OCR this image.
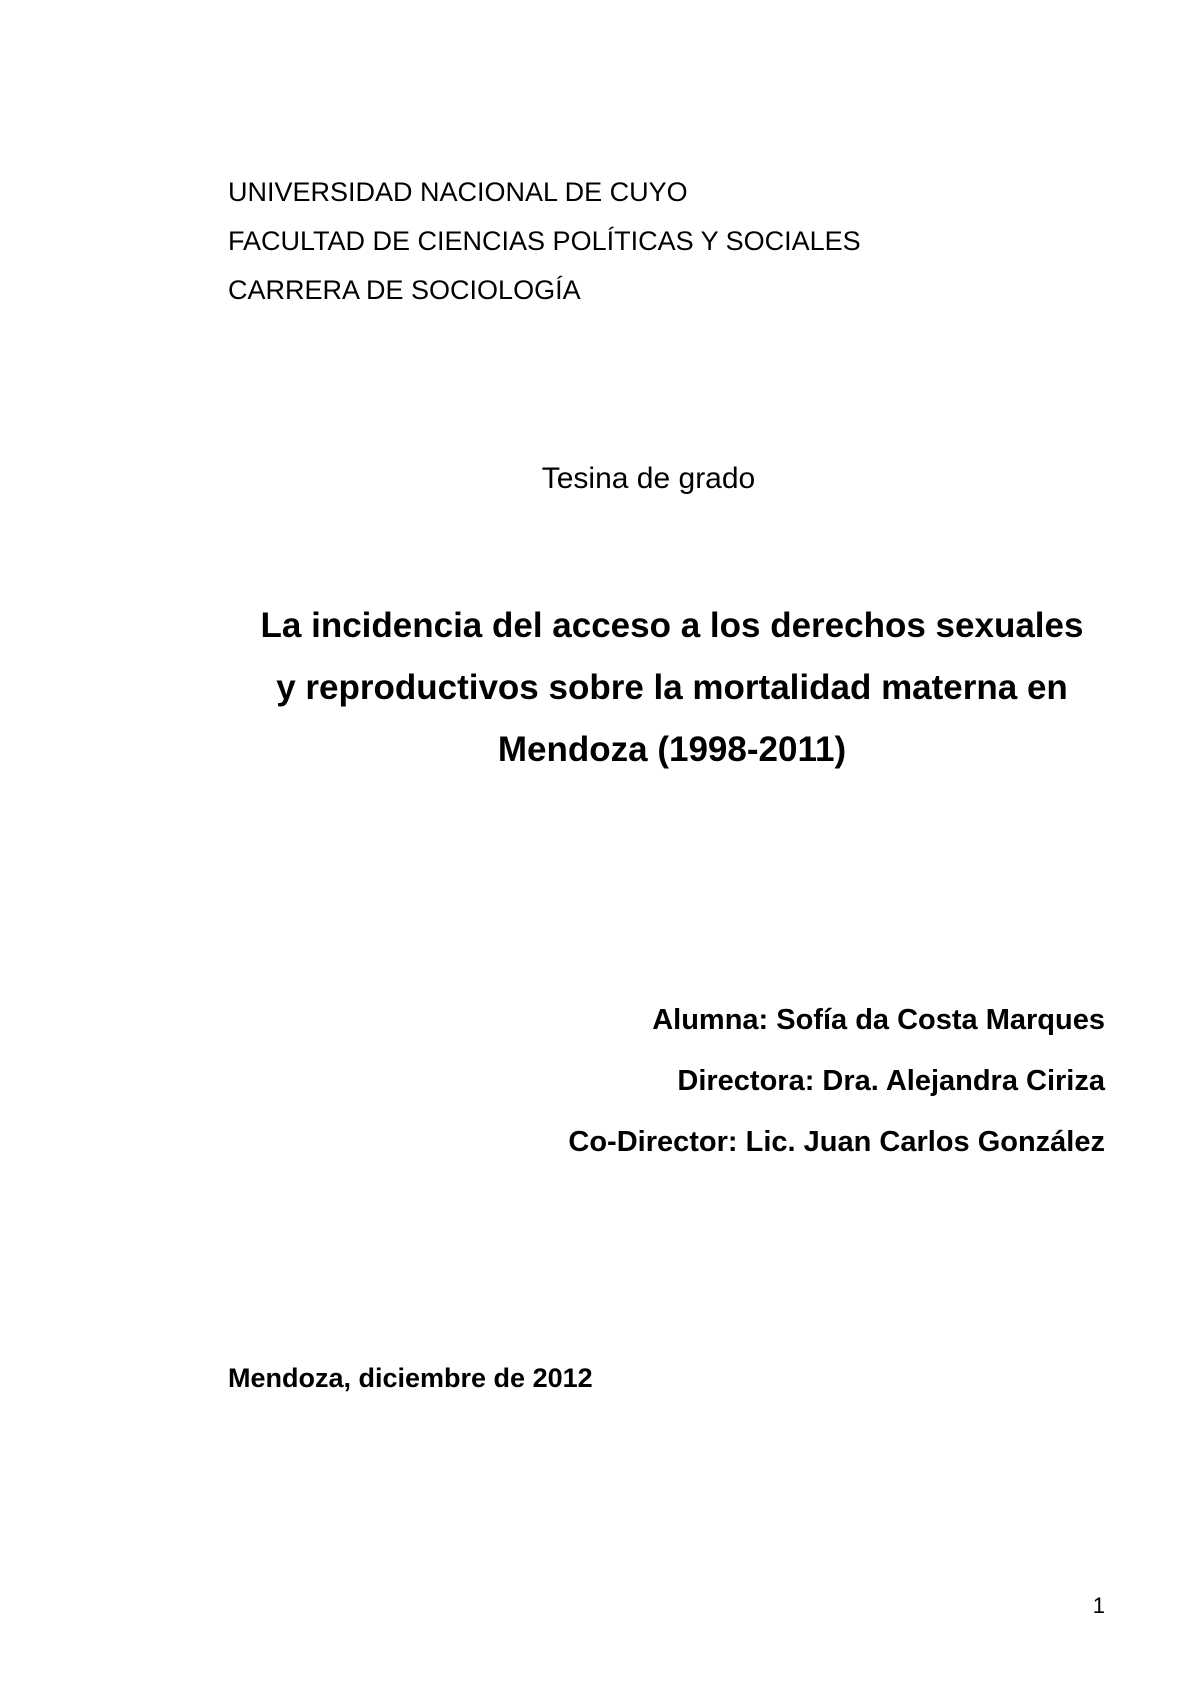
UNIVERSIDAD NACIONAL DE CUYO
FACULTAD DE CIENCIAS POLÍTICAS Y SOCIALES
CARRERA DE SOCIOLOGÍA
Tesina de grado
La incidencia del acceso a los derechos sexuales
y reproductivos sobre la mortalidad materna en
Mendoza (1998-2011)
Alumna: Sofía da Costa Marques
Directora: Dra. Alejandra Ciriza
Co-Director: Lic. Juan Carlos González
Mendoza, diciembre de 2012
1
